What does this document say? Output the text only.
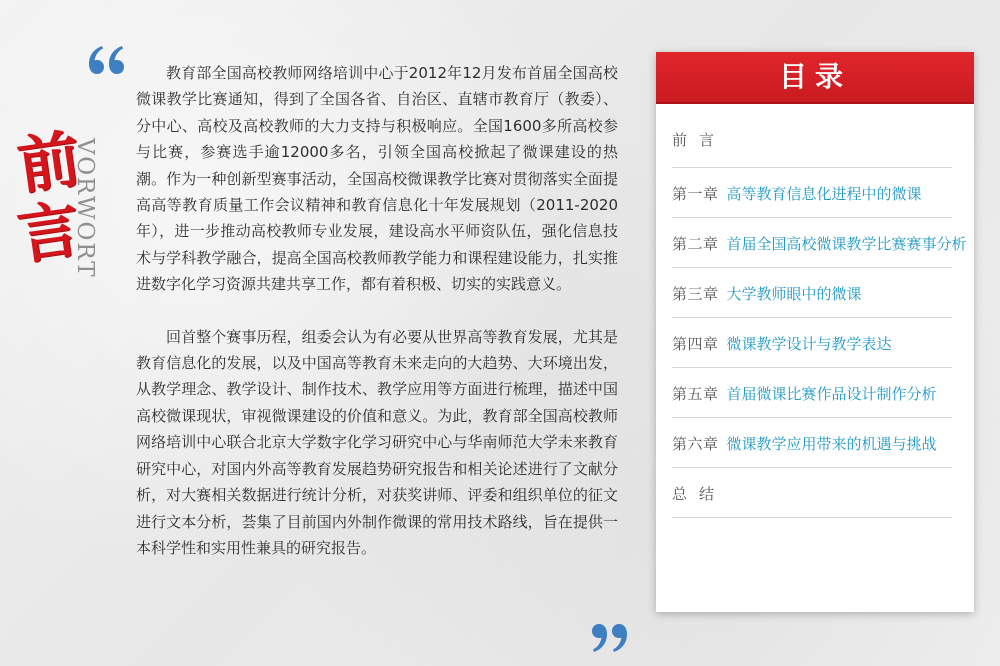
前
言
VORWORT

教育部全国高校教师网络培训中心于2012年12月发布首届全国高校微课教学比赛通知，得到了全国各省、自治区、直辖市教育厅（教委）、分中心、高校及高校教师的大力支持与积极响应。全国1600多所高校参与比赛，参赛选手逾12000多名，引领全国高校掀起了微课建设的热潮。作为一种创新型赛事活动，全国高校微课教学比赛对贯彻落实全面提高高等教育质量工作会议精神和教育信息化十年发展规划（2011-2020年），进一步推动高校教师专业发展，建设高水平师资队伍，强化信息技术与学科教学融合，提高全国高校教师教学能力和课程建设能力，扎实推进数字化学习资源共建共享工作，都有着积极、切实的实践意义。

回首整个赛事历程，组委会认为有必要从世界高等教育发展，尤其是教育信息化的发展，以及中国高等教育未来走向的大趋势、大环境出发，从教学理念、教学设计、制作技术、教学应用等方面进行梳理，描述中国高校微课现状，审视微课建设的价值和意义。为此，教育部全国高校教师网络培训中心联合北京大学数字化学习研究中心与华南师范大学未来教育研究中心，对国内外高等教育发展趋势研究报告和相关论述进行了文献分析，对大赛相关数据进行统计分析，对获奖讲师、评委和组织单位的征文进行文本分析，荟集了目前国内外制作微课的常用技术路线，旨在提供一本科学性和实用性兼具的研究报告。

目录
前言
第一章 高等教育信息化进程中的微课
第二章 首届全国高校微课教学比赛赛事分析
第三章 大学教师眼中的微课
第四章 微课教学设计与教学表达
第五章 首届微课比赛作品设计制作分析
第六章 微课教学应用带来的机遇与挑战
总结
